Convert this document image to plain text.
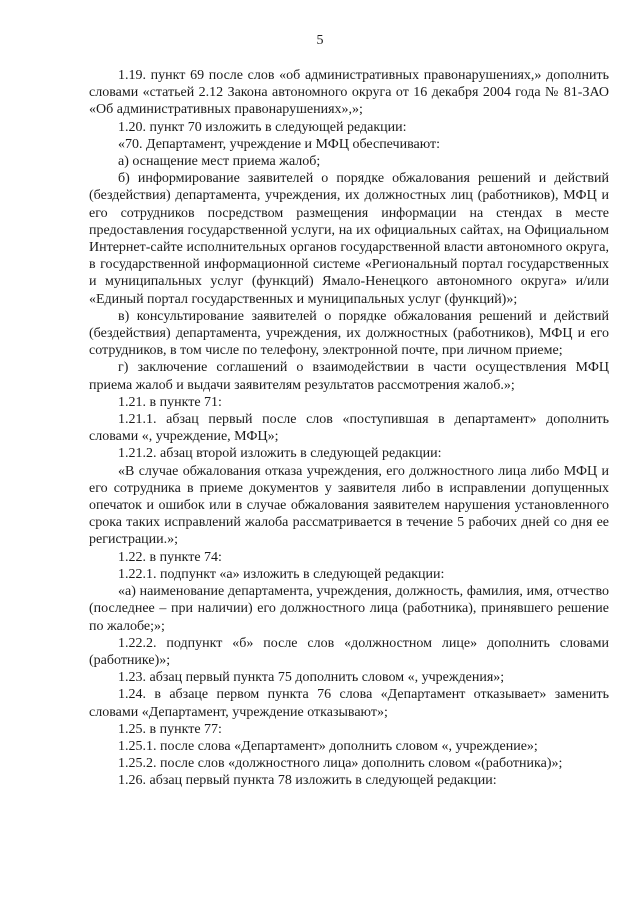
5

1.19. пункт 69 после слов «об административных правонарушениях,» дополнить словами «статьей 2.12 Закона автономного округа от 16 декабря 2004 года № 81-ЗАО «Об административных правонарушениях»,»;

1.20. пункт 70 изложить в следующей редакции:

«70. Департамент, учреждение и МФЦ обеспечивают:

а) оснащение мест приема жалоб;

б) информирование заявителей о порядке обжалования решений и действий (бездействия) департамента, учреждения, их должностных лиц (работников), МФЦ и его сотрудников посредством размещения информации на стендах в месте предоставления государственной услуги, на их официальных сайтах, на Официальном Интернет-сайте исполнительных органов государственной власти автономного округа, в государственной информационной системе «Региональный портал государственных и муниципальных услуг (функций) Ямало-Ненецкого автономного округа» и/или «Единый портал государственных и муниципальных услуг (функций)»;

в) консультирование заявителей о порядке обжалования решений и действий (бездействия) департамента, учреждения, их должностных (работников), МФЦ и его сотрудников, в том числе по телефону, электронной почте, при личном приеме;

г) заключение соглашений о взаимодействии в части осуществления МФЦ приема жалоб и выдачи заявителям результатов рассмотрения жалоб.»;

1.21. в пункте 71:

1.21.1. абзац первый после слов «поступившая в департамент» дополнить словами «, учреждение, МФЦ»;

1.21.2. абзац второй изложить в следующей редакции:

«В случае обжалования отказа учреждения, его должностного лица либо МФЦ и его сотрудника в приеме документов у заявителя либо в исправлении допущенных опечаток и ошибок или в случае обжалования заявителем нарушения установленного срока таких исправлений жалоба рассматривается в течение 5 рабочих дней со дня ее регистрации.»;

1.22. в пункте 74:

1.22.1. подпункт «а» изложить в следующей редакции:

«а) наименование департамента, учреждения, должность, фамилия, имя, отчество (последнее – при наличии) его должностного лица (работника), принявшего решение по жалобе;»;

1.22.2. подпункт «б» после слов «должностном лице» дополнить словами (работнике)»;

1.23. абзац первый пункта 75 дополнить словом «, учреждения»;

1.24. в абзаце первом пункта 76 слова «Департамент отказывает» заменить словами «Департамент, учреждение отказывают»;

1.25. в пункте 77:

1.25.1. после слова «Департамент» дополнить словом «, учреждение»;

1.25.2. после слов «должностного лица» дополнить словом «(работника)»;

1.26. абзац первый пункта 78 изложить в следующей редакции:
